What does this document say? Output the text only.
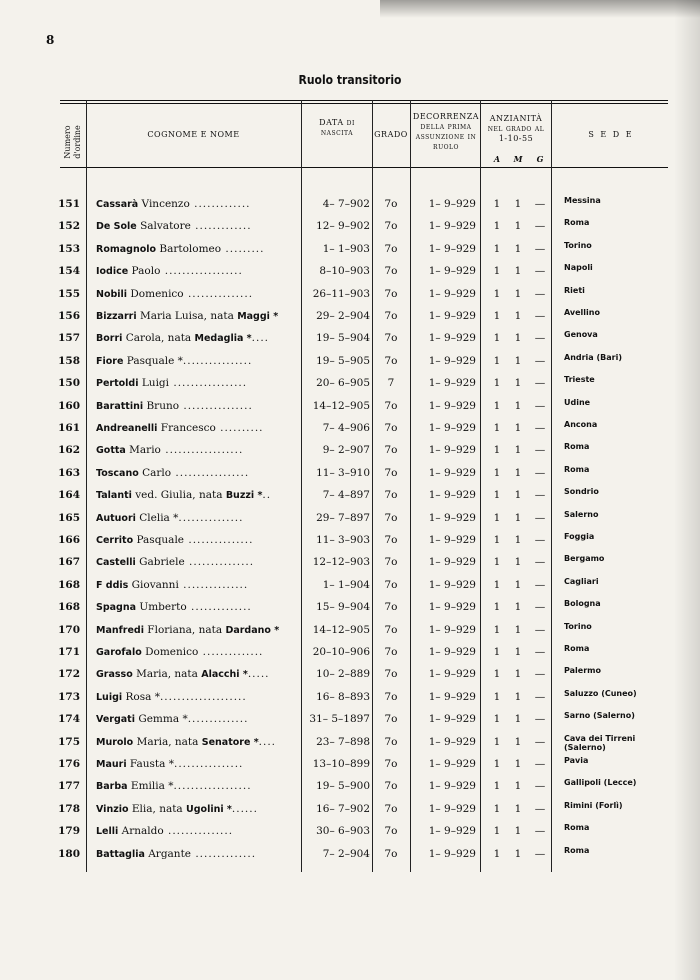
8
Ruolo transitorio
Numero d'ordine	COGNOME E NOME
DATA di nascita	GRADO
DECORRENZA della prima assunzione in ruolo
ANZIANITÀ nel grado al 1-10-55
A	M	G
S E D E
151 Cassarà Vincenzo .............	4– 7–902	7o	1– 9–929 1 1 — Messina
152 De Sole Salvatore .............	12– 9–902	7o	1– 9–929 1 1 — Roma
153 Romagnolo Bartolomeo .........	1– 1–903	7o	1– 9–929 1 1 — Torino
154 Iodice Paolo ..................	8–10–903	7o	1– 9–929 1 1 — Napoli
155 Nobili Domenico ...............	26–11–903	7o	1– 9–929 1 1 — Rieti
156 Bizzarri Maria Luisa, nata Maggi *	29– 2–904	7o	1– 9–929 1 1 — Avellino
157 Borri Carola, nata Medaglia *....	19– 5–904	7o	1– 9–929 1 1 — Genova
158 Fiore Pasquale *................	19– 5–905	7o	1– 9–929 1 1 — Andria (Bari)
150 Pertoldi Luigi .................	20– 6–905	7	1– 9–929 1 1 — Trieste
160 Barattini Bruno ................	14–12–905	7o	1– 9–929 1 1 — Udine
161 Andreanelli Francesco ..........	7– 4–906	7o	1– 9–929 1 1 — Ancona
162 Gotta Mario ..................	9– 2–907	7o	1– 9–929 1 1 — Roma
163 Toscano Carlo .................	11– 3–910	7o	1– 9–929 1 1 — Roma
164 Talanti ved. Giulia, nata Buzzi *..	7– 4–897	7o	1– 9–929 1 1 — Sondrio
165 Autuori Clelia *...............	29– 7–897	7o	1– 9–929 1 1 — Salerno
166 Cerrito Pasquale ...............	11– 3–903	7o	1– 9–929 1 1 — Foggia
167 Castelli Gabriele ...............	12–12–903	7o	1– 9–929 1 1 — Bergamo
168 F ddis Giovanni ...............	1– 1–904	7o	1– 9–929 1 1 — Cagliari
168 Spagna Umberto ..............	15– 9–904	7o	1– 9–929 1 1 — Bologna
170 Manfredi Floriana, nata Dardano *	14–12–905	7o	1– 9–929 1 1 — Torino
171 Garofalo Domenico ..............	20–10–906	7o	1– 9–929 1 1 — Roma
172 Grasso Maria, nata Alacchi *.....	10– 2–889	7o	1– 9–929 1 1 — Palermo
173 Luigi Rosa *....................	16– 8–893	7o	1– 9–929 1 1 — Saluzzo (Cuneo)
174 Vergati Gemma *..............	31– 5–1897	7o	1– 9–929 1 1 — Sarno (Salerno)
175 Murolo Maria, nata Senatore *....	23– 7–898	7o	1– 9–929 1 1 — Cava dei Tirreni (Salerno)
176 Mauri Fausta *................	13–10–899	7o	1– 9–929 1 1 — Pavia
177 Barba Emilia *..................	19– 5–900	7o	1– 9–929 1 1 — Gallipoli (Lecce)
178 Vinzio Elia, nata Ugolini *......	16– 7–902	7o	1– 9–929 1 1 — Rimini (Forlì)
179 Lelli Arnaldo ...............	30– 6–903	7o	1– 9–929 1 1 — Roma
180 Battaglia Argante ..............	7– 2–904	7o	1– 9–929 1 1 — Roma
